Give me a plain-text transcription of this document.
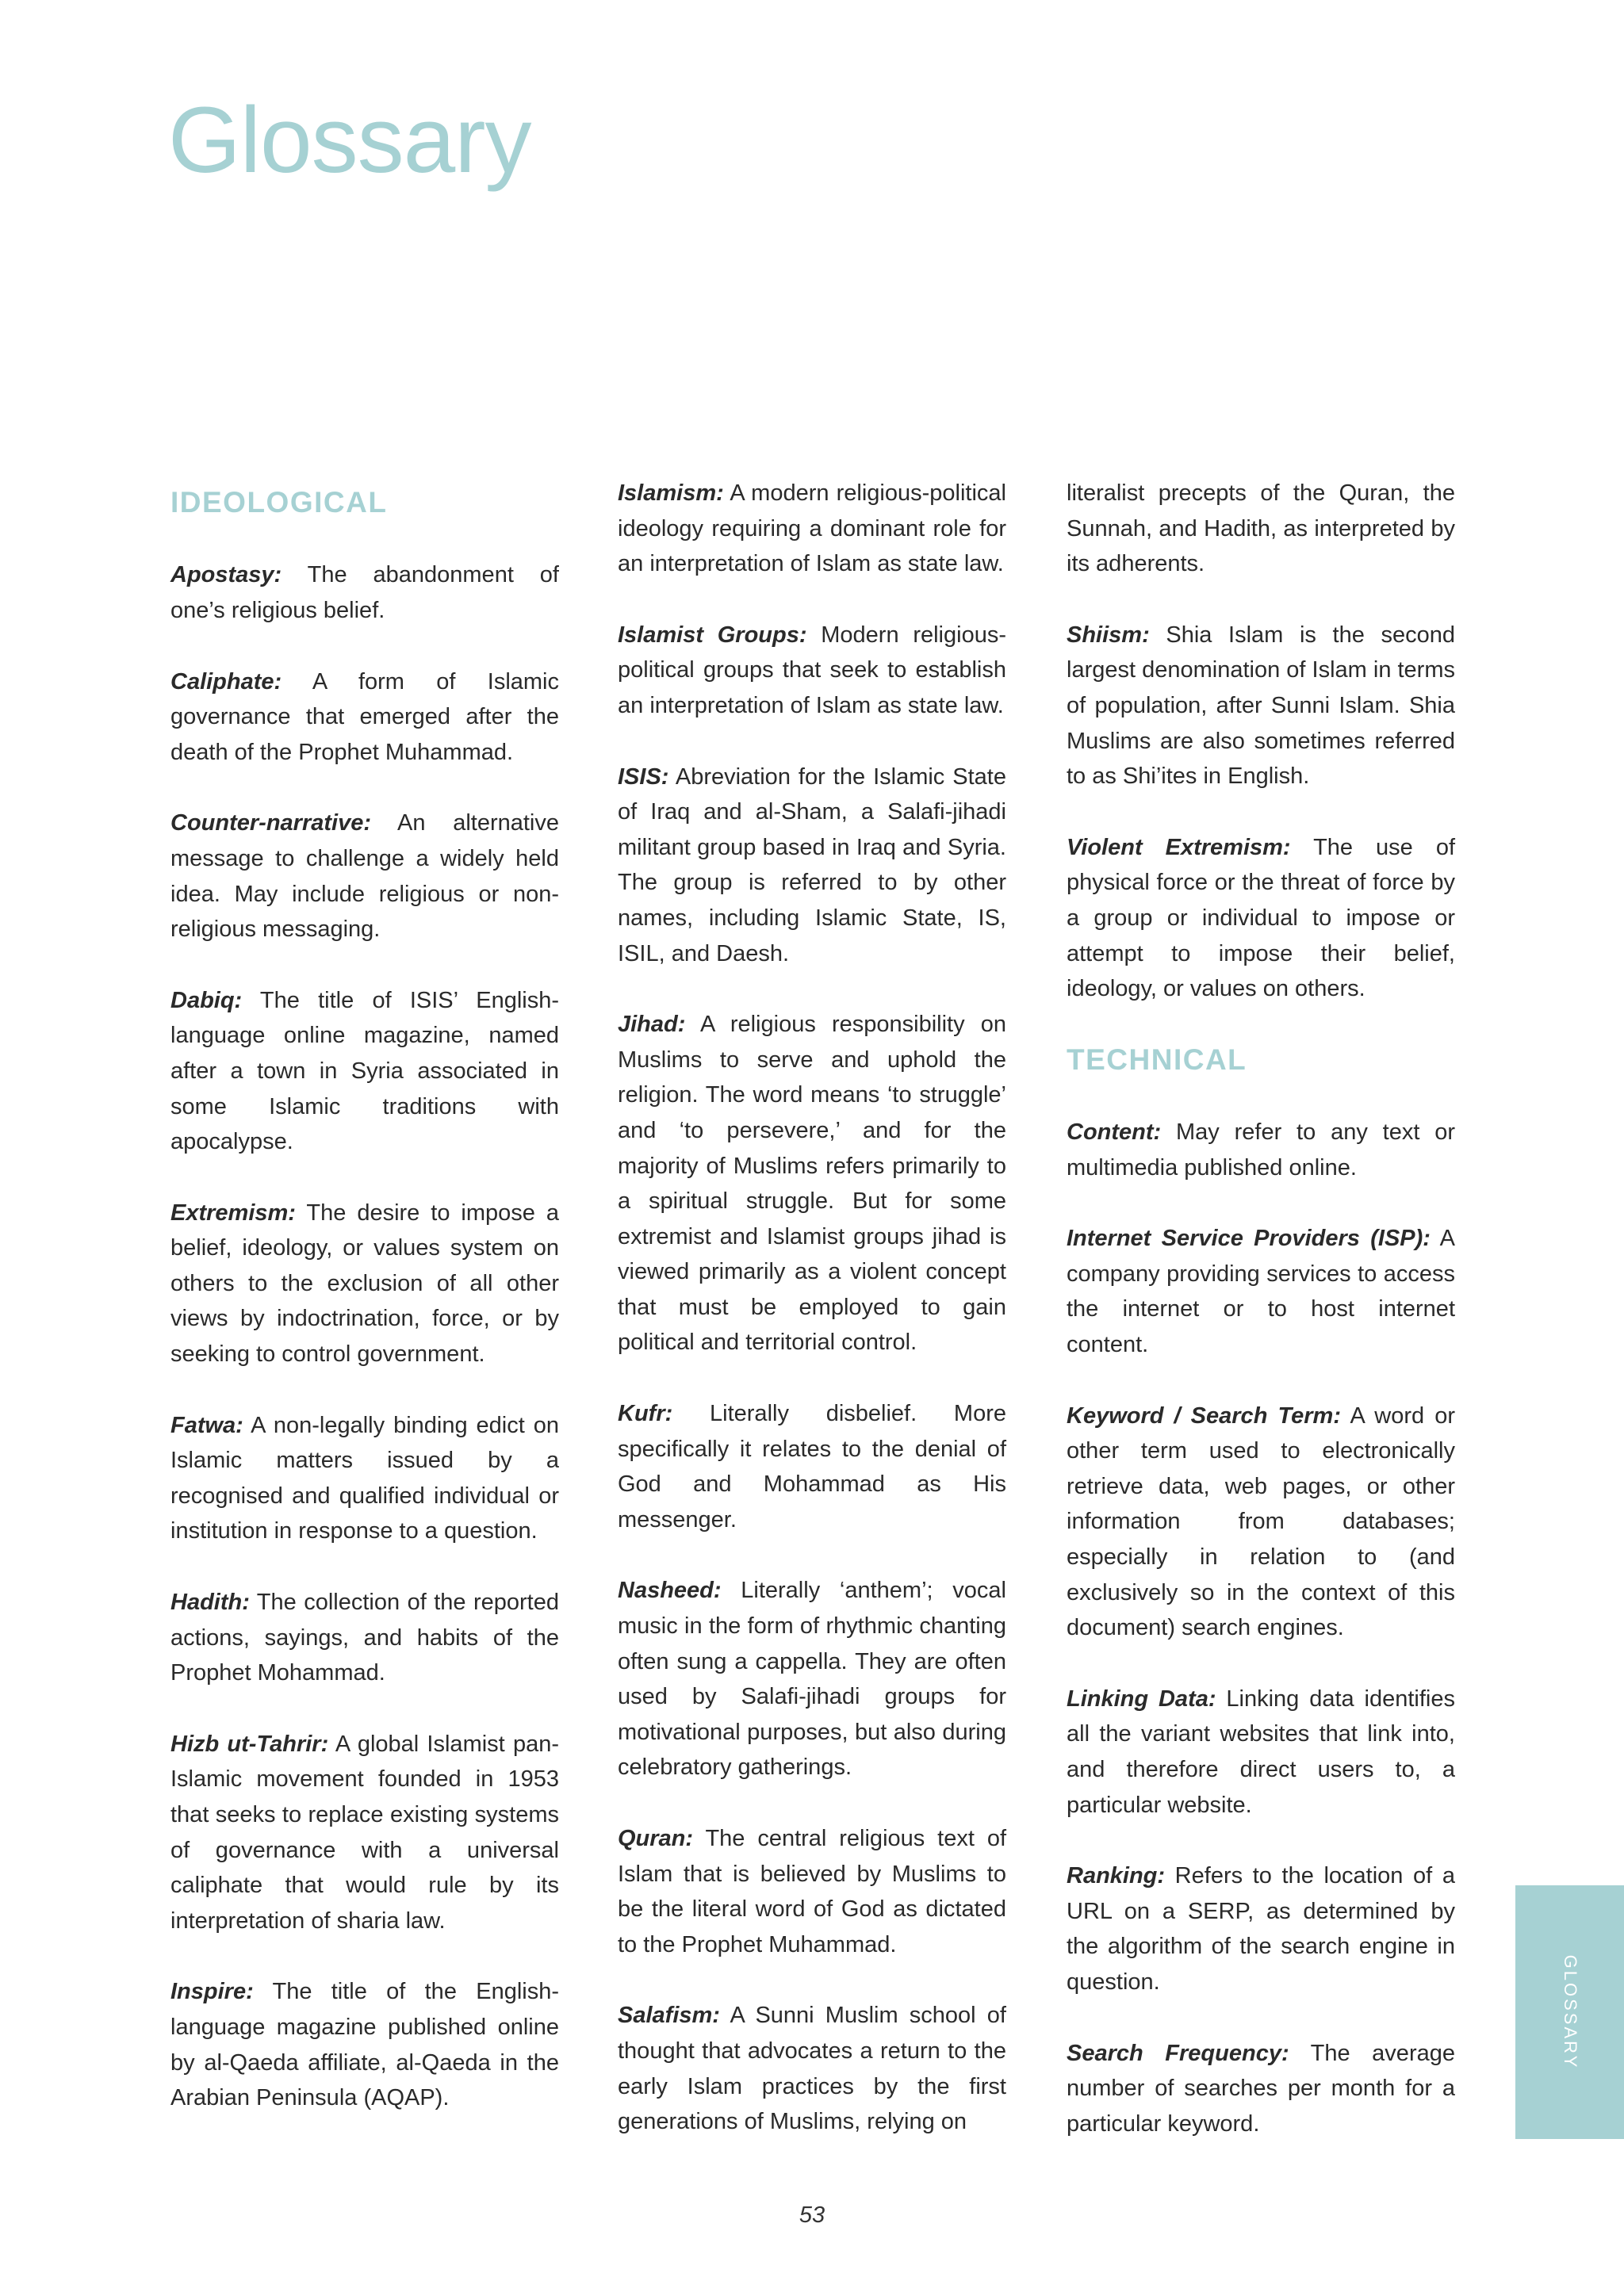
Glossary
IDEOLOGICAL

Apostasy: The abandonment of one’s religious belief.

Caliphate: A form of Islamic governance that emerged after the death of the Prophet Muhammad.

Counter-narrative: An alternative message to challenge a widely held idea. May include religious or non-religious messaging.

Dabiq: The title of ISIS’ English-language online magazine, named after a town in Syria associated in some Islamic traditions with apocalypse.

Extremism: The desire to impose a belief, ideology, or values system on others to the exclusion of all other views by indoctrination, force, or by seeking to control government.

Fatwa: A non-legally binding edict on Islamic matters issued by a recognised and qualified individual or institution in response to a question.

Hadith: The collection of the reported actions, sayings, and habits of the Prophet Mohammad.

Hizb ut-Tahrir: A global Islamist pan-Islamic movement founded in 1953 that seeks to replace existing systems of governance with a universal caliphate that would rule by its interpretation of sharia law.

Inspire: The title of the English-language magazine published online by al-Qaeda affiliate, al-Qaeda in the Arabian Peninsula (AQAP).

Islamism: A modern religious-political ideology requiring a dominant role for an interpretation of Islam as state law.

Islamist Groups: Modern religious-political groups that seek to establish an interpretation of Islam as state law.

ISIS: Abreviation for the Islamic State of Iraq and al-Sham, a Salafi-jihadi militant group based in Iraq and Syria. The group is referred to by other names, including Islamic State, IS, ISIL, and Daesh.

Jihad: A religious responsibility on Muslims to serve and uphold the religion. The word means ‘to struggle’ and ‘to persevere,’ and for the majority of Muslims refers primarily to a spiritual struggle. But for some extremist and Islamist groups jihad is viewed primarily as a violent concept that must be employed to gain political and territorial control.

Kufr: Literally disbelief. More specifically it relates to the denial of God and Mohammad as His messenger.

Nasheed: Literally ‘anthem’; vocal music in the form of rhythmic chanting often sung a cappella. They are often used by Salafi-jihadi groups for motivational purposes, but also during celebratory gatherings.

Quran: The central religious text of Islam that is believed by Muslims to be the literal word of God as dictated to the Prophet Muhammad.

Salafism: A Sunni Muslim school of thought that advocates a return to the early Islam practices by the first generations of Muslims, relying on

literalist precepts of the Quran, the Sunnah, and Hadith, as interpreted by its adherents.

Shiism: Shia Islam is the second largest denomination of Islam in terms of population, after Sunni Islam. Shia Muslims are also sometimes referred to as Shi’ites in English.

Violent Extremism: The use of physical force or the threat of force by a group or individual to impose or attempt to impose their belief, ideology, or values on others.

TECHNICAL

Content: May refer to any text or multimedia published online.

Internet Service Providers (ISP): A company providing services to access the internet or to host internet content.

Keyword / Search Term: A word or other term used to electronically retrieve data, web pages, or other information from databases; especially in relation to (and exclusively so in the context of this document) search engines.

Linking Data: Linking data identifies all the variant websites that link into, and therefore direct users to, a particular website.

Ranking: Refers to the location of a URL on a SERP, as determined by the algorithm of the search engine in question.

Search Frequency: The average number of searches per month for a particular keyword.

GLOSSARY
53
